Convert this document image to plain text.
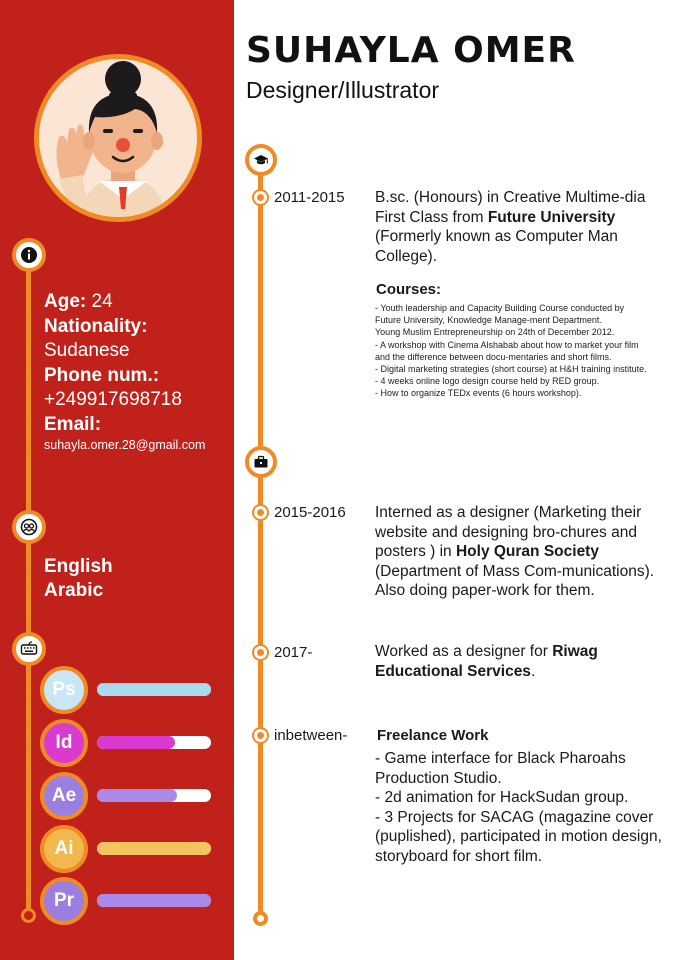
Age: 24
Nationality:
Sudanese
Phone num.:
+249917698718
Email:
suhayla.omer.28@gmail.com
English
Arabic
Ps
Id
Ae
Ai
Pr
SUHAYLA OMER
Designer/Illustrator
2011-2015 B.sc. (Honours) in Creative Multime-dia First Class from Future University (Formerly known as Computer Man College).
Courses:
- Youth leadership and Capacity Building Course conducted by Future University, Knowledge Manage-ment Department.
Young Muslim Entrepreneurship on 24th of December 2012.
- A workshop with Cinema Alshabab about how to market your film and the difference between docu-mentaries and short films.
- Digital marketing strategies (short course) at H&H training institute.
- 4 weeks online logo design course held by RED group.
- How to organize TEDx events (6 hours workshop).
2015-2016 Interned as a designer (Marketing their website and designing bro-chures and posters ) in Holy Quran Society (Department of Mass Com-munications). Also doing paper-work for them.
2017-	Worked as a designer for Riwag Educational Services.
inbetween- Freelance Work
- Game interface for Black Pharoahs Production Studio.
- 2d animation for HackSudan group.
- 3 Projects for SACAG (magazine cover (puplished), participated in motion design, storyboard for short film.
